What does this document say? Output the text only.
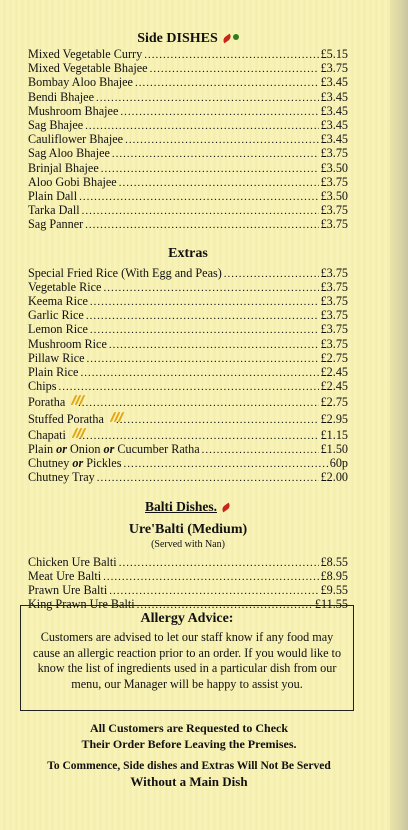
Side DISHES
Mixed Vegetable Curry .....	£5.15
Mixed Vegetable Bhajee .....	£3.75
Bombay Aloo Bhajee .....	£3.45
Bendi Bhajee .....	£3.45
Mushroom Bhajee .....	£3.45
Sag Bhajee .....	£3.45
Cauliflower Bhajee .....	£3.45
Sag Aloo Bhajee .....	£3.75
Brinjal Bhajee .....	£3.50
Aloo Gobi Bhajee .....	£3.75
Plain Dall .....	£3.50
Tarka Dall .....	£3.75
Sag Panner .....	£3.75
Extras
Special Fried Rice (With Egg and Peas) .....	£3.75
Vegetable Rice .....	£3.75
Keema Rice .....	£3.75
Garlic Rice .....	£3.75
Lemon Rice .....	£3.75
Mushroom Rice .....	£3.75
Pillaw Rice .....	£2.75
Plain Rice .....	£2.45
Chips .....	£2.45
Poratha .....	£2.75
Stuffed Poratha .....	£2.95
Chapati .....	£1.15
Plain or Onion or Cucumber Ratha .....	£1.50
Chutney or Pickles .....	60p
Chutney Tray .....	£2.00
Balti Dishes.
Ure'Balti (Medium)
(Served with Nan)
Chicken Ure Balti .....	£8.55
Meat Ure Balti .....	£8.95
Prawn Ure Balti .....	£9.55
King Prawn Ure Balti .....	£11.55
Allergy Advice:
Customers are advised to let our staff know if any food may cause an allergic reaction prior to an order. If you would like to know the list of ingredients used in a particular dish from our menu, our Manager will be happy to assist you.
All Customers are Requested to Check
Their Order Before Leaving the Premises.
To Commence, Side dishes and Extras Will Not Be Served
Without a Main Dish
